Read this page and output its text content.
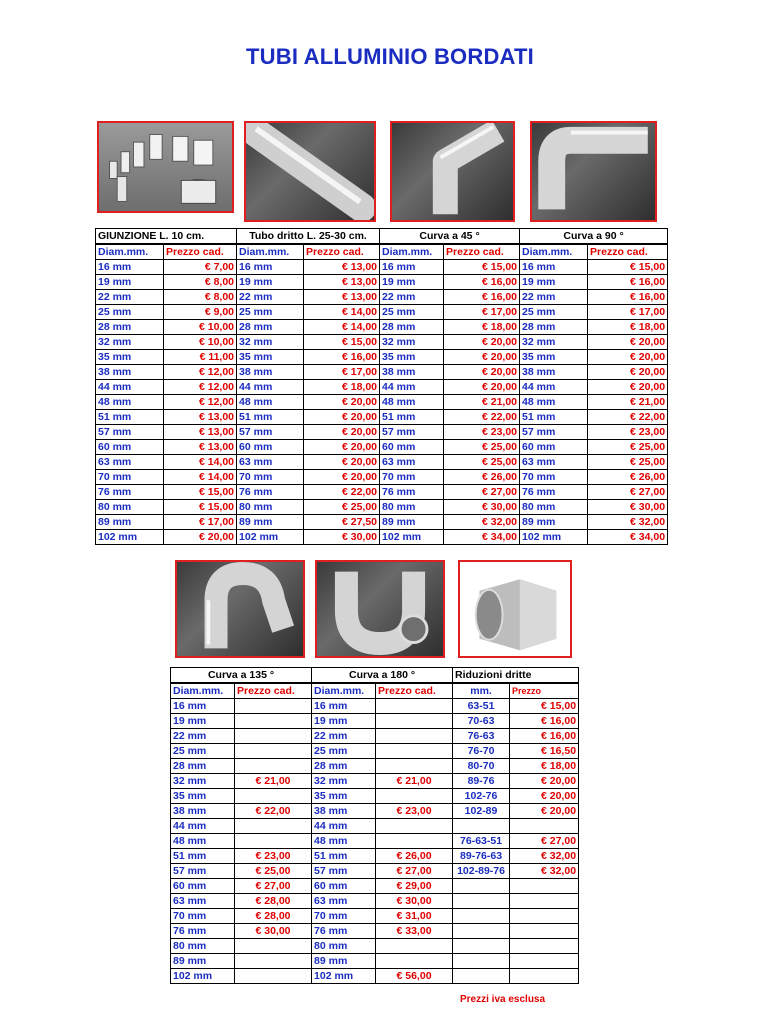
TUBI ALLUMINIO BORDATI
GIUNZIONE L. 10 cm.		Tubo dritto L. 25-30 cm.		Curva a 45 °		Curva a 90 °	
Diam.mm.	Prezzo cad.	Diam.mm.	Prezzo cad.	Diam.mm.	Prezzo cad.	Diam.mm.	Prezzo cad.
16 mm	€ 7,00	16 mm	€ 13,00	16 mm	€ 15,00	16 mm	€ 15,00
19 mm	€ 8,00	19 mm	€ 13,00	19 mm	€ 16,00	19 mm	€ 16,00
22 mm	€ 8,00	22 mm	€ 13,00	22 mm	€ 16,00	22 mm	€ 16,00
25 mm	€ 9,00	25 mm	€ 14,00	25 mm	€ 17,00	25 mm	€ 17,00
28 mm	€ 10,00	28 mm	€ 14,00	28 mm	€ 18,00	28 mm	€ 18,00
32 mm	€ 10,00	32 mm	€ 15,00	32 mm	€ 20,00	32 mm	€ 20,00
35 mm	€ 11,00	35 mm	€ 16,00	35 mm	€ 20,00	35 mm	€ 20,00
38 mm	€ 12,00	38 mm	€ 17,00	38 mm	€ 20,00	38 mm	€ 20,00
44 mm	€ 12,00	44 mm	€ 18,00	44 mm	€ 20,00	44 mm	€ 20,00
48 mm	€ 12,00	48 mm	€ 20,00	48 mm	€ 21,00	48 mm	€ 21,00
51 mm	€ 13,00	51 mm	€ 20,00	51 mm	€ 22,00	51 mm	€ 22,00
57 mm	€ 13,00	57 mm	€ 20,00	57 mm	€ 23,00	57 mm	€ 23,00
60 mm	€ 13,00	60 mm	€ 20,00	60 mm	€ 25,00	60 mm	€ 25,00
63 mm	€ 14,00	63 mm	€ 20,00	63 mm	€ 25,00	63 mm	€ 25,00
70 mm	€ 14,00	70 mm	€ 20,00	70 mm	€ 26,00	70 mm	€ 26,00
76 mm	€ 15,00	76 mm	€ 22,00	76 mm	€ 27,00	76 mm	€ 27,00
80 mm	€ 15,00	80 mm	€ 25,00	80 mm	€ 30,00	80 mm	€ 30,00
89 mm	€ 17,00	89 mm	€ 27,50	89 mm	€ 32,00	89 mm	€ 32,00
102 mm	€ 20,00	102 mm	€ 30,00	102 mm	€ 34,00	102 mm	€ 34,00
Curva a 135 °		Curva a 180 °		Riduzioni dritte	
Diam.mm.	Prezzo cad.	Diam.mm.	Prezzo cad.	mm.	Prezzo
16 mm		16 mm		63-51	€ 15,00
19 mm		19 mm		70-63	€ 16,00
22 mm		22 mm		76-63	€ 16,00
25 mm		25 mm		76-70	€ 16,50
28 mm		28 mm		80-70	€ 18,00
32 mm	€ 21,00	32 mm	€ 21,00	89-76	€ 20,00
35 mm		35 mm		102-76	€ 20,00
38 mm	€ 22,00	38 mm	€ 23,00	102-89	€ 20,00
44 mm		44 mm			
48 mm		48 mm		76-63-51	€ 27,00
51 mm	€ 23,00	51 mm	€ 26,00	89-76-63	€ 32,00
57 mm	€ 25,00	57 mm	€ 27,00	102-89-76	€ 32,00
60 mm	€ 27,00	60 mm	€ 29,00		
63 mm	€ 28,00	63 mm	€ 30,00		
70 mm	€ 28,00	70 mm	€ 31,00		
76 mm	€ 30,00	76 mm	€ 33,00		
80 mm		80 mm			
89 mm		89 mm			
102 mm		102 mm	€ 56,00		
Prezzi iva esclusa
